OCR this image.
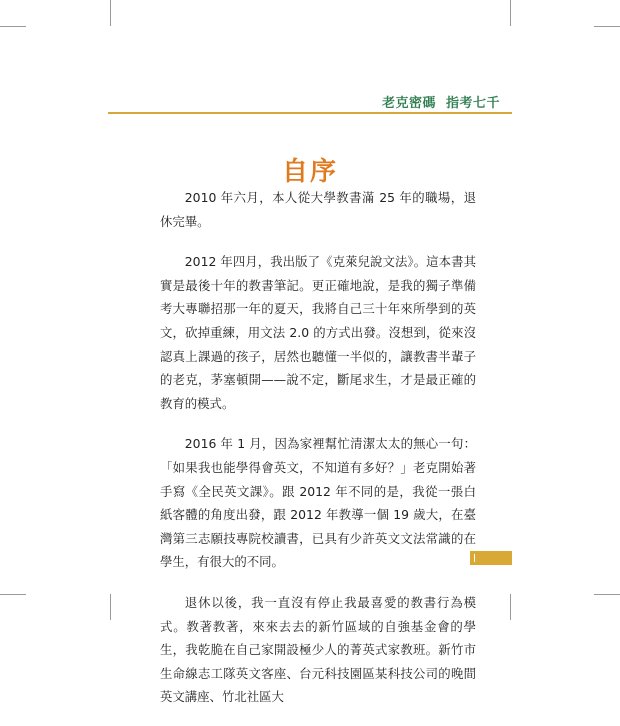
老克密碼 指考七千
自序

2010 年六月，本人從大學教書滿 25 年的職場，退休完畢。

2012 年四月，我出版了《克萊兒說文法》。這本書其實是最後十年的教書筆記。更正確地說，是我的獨子準備考大專聯招那一年的夏天，我將自己三十年來所學到的英文，砍掉重練，用文法 2.0 的方式出發。沒想到，從來沒認真上課過的孩子，居然也聽懂一半似的，讓教書半輩子的老克，茅塞頓開——說不定，斷尾求生，才是最正確的教育的模式。

2016 年 1 月，因為家裡幫忙清潔太太的無心一句：「如果我也能學得會英文，不知道有多好？」老克開始著手寫《全民英文課》。跟 2012 年不同的是，我從一張白紙客體的角度出發，跟 2012 年教導一個 19 歲大，在臺灣第三志願技專院校讀書，已具有少許英文文法常識的在學生，有很大的不同。

退休以後，我一直沒有停止我最喜愛的教書行為模式。教著教著，來來去去的新竹區域的自強基金會的學生，我乾脆在自己家開設極少人的菁英式家教班。新竹市生命線志工隊英文客座、台元科技園區某科技公司的晚間英文講座、竹北社區大
